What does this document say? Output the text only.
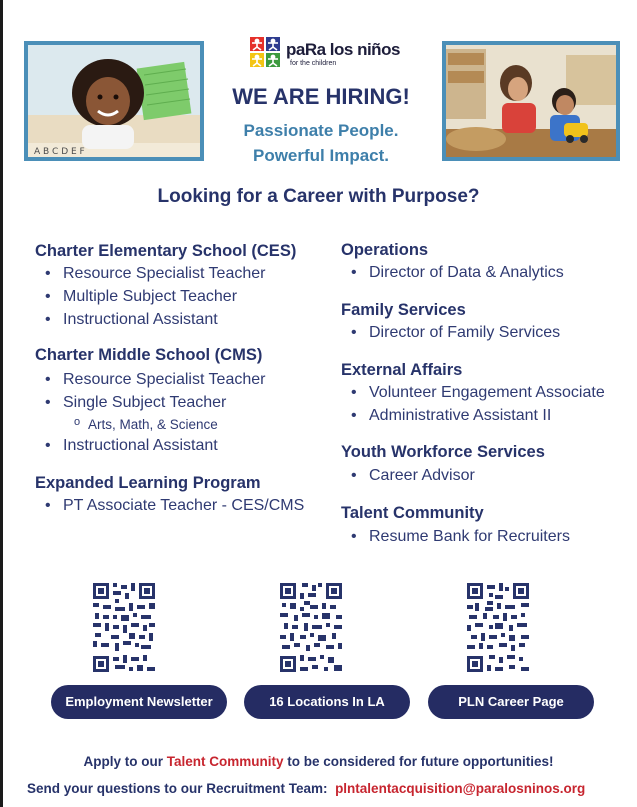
A B C D E F
paRa los niños
for the children
WE ARE HIRING!
Passionate People.
Powerful Impact.
Looking for a Career with Purpose?
Charter Elementary School (CES)
• Resource Specialist Teacher
• Multiple Subject Teacher
• Instructional Assistant
Charter Middle School (CMS)
• Resource Specialist Teacher
• Single Subject Teacher
o Arts, Math, & Science
• Instructional Assistant
Expanded Learning Program
• PT Associate Teacher - CES/CMS
Operations
• Director of Data & Analytics
Family Services
• Director of Family Services
External Affairs
• Volunteer Engagement Associate
• Administrative Assistant II
Youth Workforce Services
• Career Advisor
Talent Community
• Resume Bank for Recruiters
Employment Newsletter	16 Locations In LA	PLN Career Page
Apply to our Talent Community to be considered for future opportunities!
Send your questions to our Recruitment Team: plntalentacquisition@paralosninos.org
